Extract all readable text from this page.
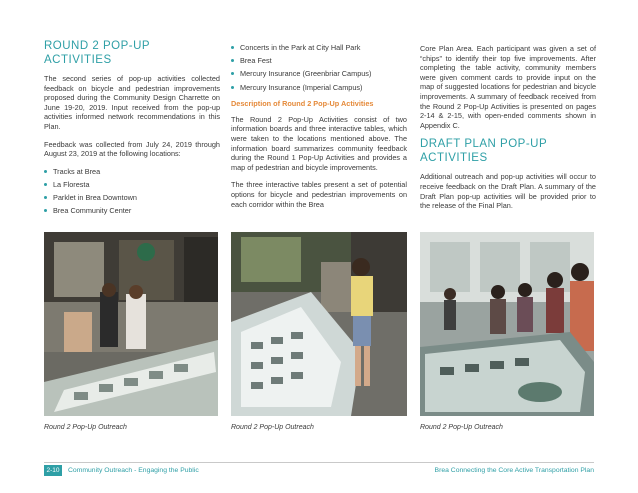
ROUND 2 POP-UP ACTIVITIES

The second series of pop-up activities collected feedback on bicycle and pedestrian improvements proposed during the Community Design Charrette on June 19-20, 2019. Input received from the pop-up activities informed network recommendations in this Plan.

Feedback was collected from July 24, 2019 through August 23, 2019 at the following locations:

Tracks at Brea
La Floresta
Parklet in Brea Downtown
Brea Community Center
Concerts in the Park at City Hall Park
Brea Fest
Mercury Insurance (Greenbriar Campus)
Mercury Insurance (Imperial Campus)
Description of Round 2 Pop-Up Activities

The Round 2 Pop-Up Activities consist of two information boards and three interactive tables, which were taken to the locations mentioned above. The information board summarizes community feedback during the Round 1 Pop-Up Activities and provides a map of pedestrian and bicycle improvements.

The three interactive tables present a set of potential options for bicycle and pedestrian improvements on each corridor within the Brea

Core Plan Area. Each participant was given a set of “chips” to identify their top five improvements. After completing the table activity, community members were given comment cards to provide input on the map of suggested locations for pedestrian and bicycle improvements. A summary of feedback received from the Round 2 Pop-Up Activities is presented on pages 2-14 & 2-15, with open-ended comments shown in Appendix C.

DRAFT PLAN POP-UP ACTIVITIES

Additional outreach and pop-up activities will occur to receive feedback on the Draft Plan. A summary of the Draft Plan pop-up activities will be provided prior to the release of the Final Plan.

Round 2 Pop-Up Outreach	Round 2 Pop-Up Outreach	Round 2 Pop-Up Outreach
2-10	Community Outreach - Engaging the Public	Brea Connecting the Core Active Transportation Plan
